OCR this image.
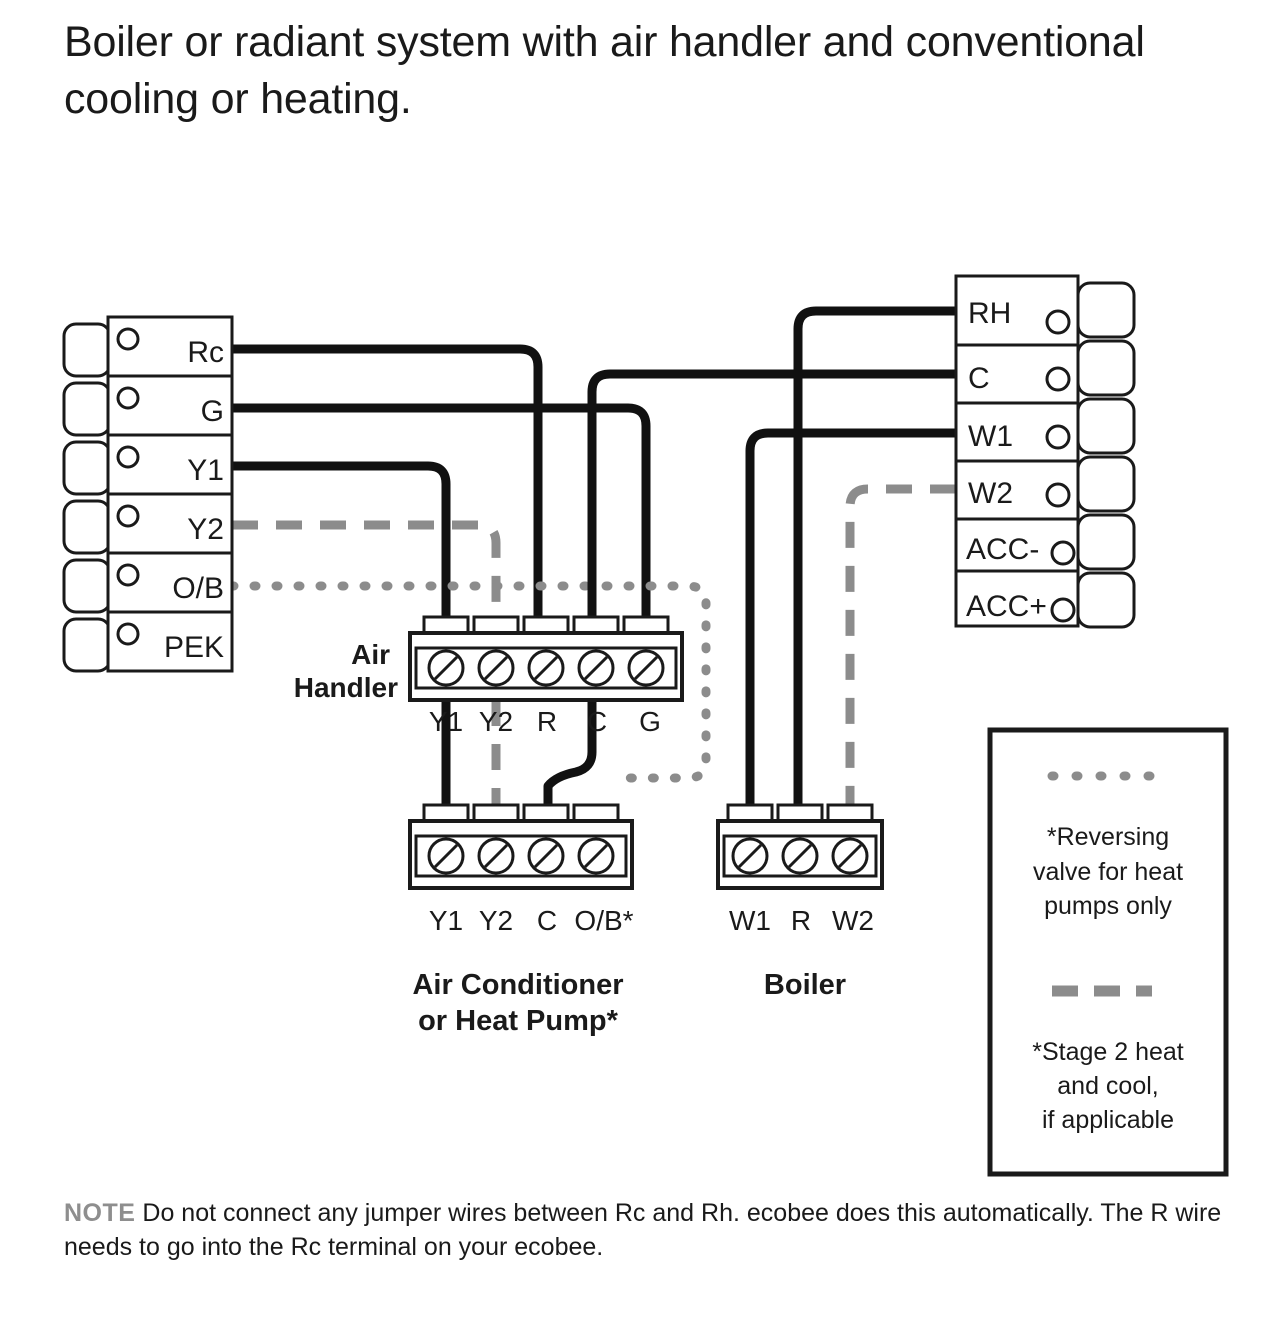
Boiler or radiant system with air handler and conventional cooling or heating.
Rc
G
Y1
Y2
O/B
PEK
RH
C
W1
W2
ACC-
ACC+
Y1 Y2 R C G
Air
Handler
Y1 Y2 C O/B*
Air Conditioner
or Heat Pump*
W1 R W2
Boiler
*Reversing
valve for heat
pumps only
*Stage 2 heat
and cool,
if applicable
NOTE Do not connect any jumper wires between Rc and Rh. ecobee does this automatically. The R wire needs to go into the Rc terminal on your ecobee.
